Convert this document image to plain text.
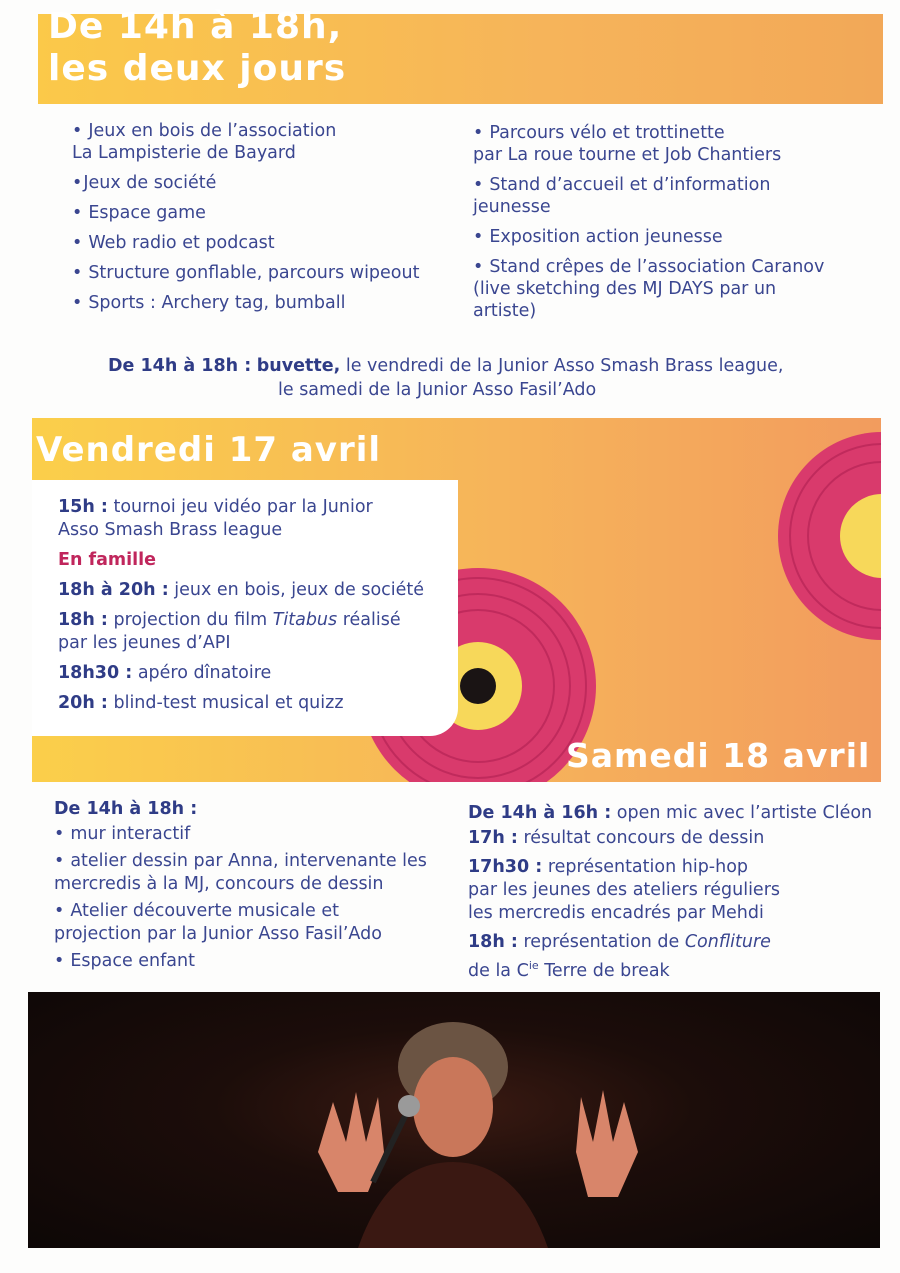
De 14h à 18h,
les deux jours
• Jeux en bois de l’association
La Lampisterie de Bayard
•Jeux de société
• Espace game
• Web radio et podcast
• Structure gonflable, parcours wipeout
• Sports : Archery tag, bumball
• Parcours vélo et trottinette
par La roue tourne et Job Chantiers
• Stand d’accueil et d’information
jeunesse
• Exposition action jeunesse
• Stand crêpes de l’association Caranov
(live sketching des MJ DAYS par un
artiste)
De 14h à 18h : buvette, le vendredi de la Junior Asso Smash Brass league,
le samedi de la Junior Asso Fasil’Ado
Vendredi 17 avril
15h : tournoi jeu vidéo par la Junior
Asso Smash Brass league
En famille
18h à 20h : jeux en bois, jeux de société
18h : projection du film Titabus réalisé
par les jeunes d’API
18h30 : apéro dînatoire
20h : blind-test musical et quizz
Samedi 18 avril
De 14h à 18h :
• mur interactif
• atelier dessin par Anna, intervenante les
mercredis à la MJ, concours de dessin
• Atelier découverte musicale et
projection par la Junior Asso Fasil’Ado
• Espace enfant
De 14h à 16h : open mic avec l’artiste Cléon
17h : résultat concours de dessin
17h30 : représentation hip-hop
par les jeunes des ateliers réguliers
les mercredis encadrés par Mehdi
18h : représentation de Confliture
de la $C^{ie}$ Terre de break
